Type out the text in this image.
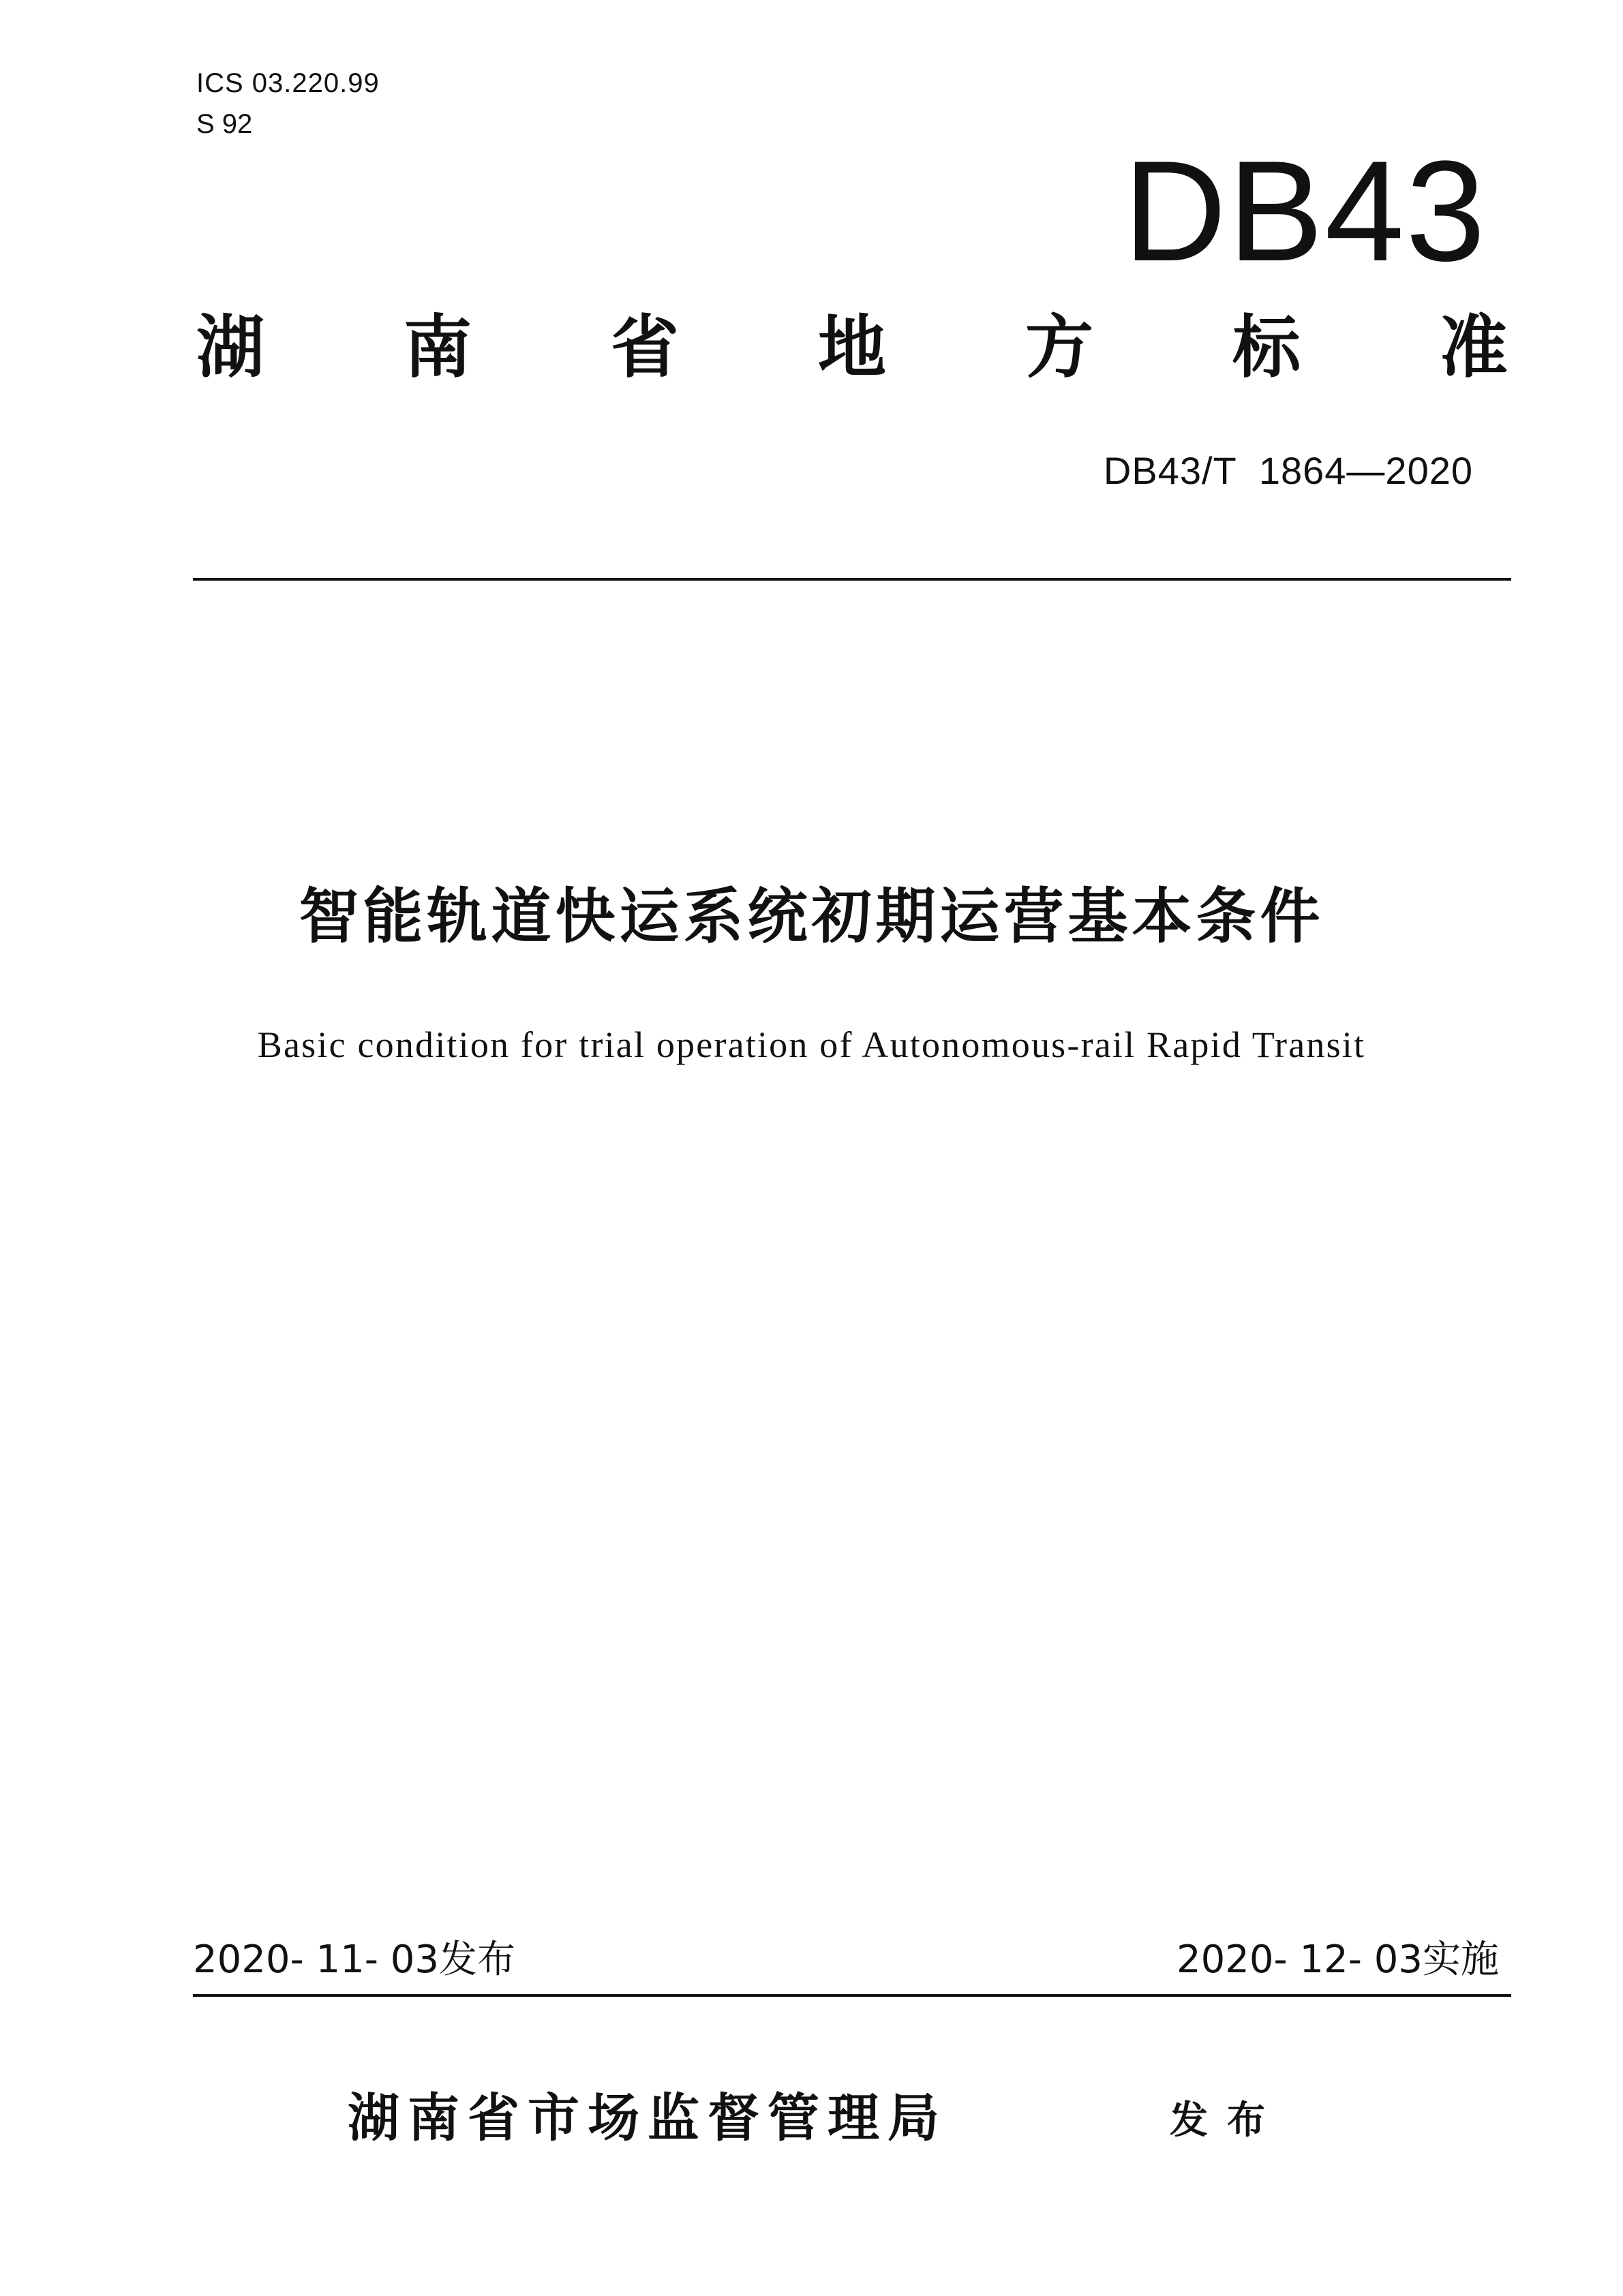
ICS 03.220.99
S 92
DB43
湖 南 省 地 方 标 准
DB43/T  1864—2020
智能轨道快运系统初期运营基本条件
Basic condition for trial operation of Autonomous-rail Rapid Transit
2020- 11- 03发布	2020- 12- 03实施
湖南省市场监督管理局	发布
